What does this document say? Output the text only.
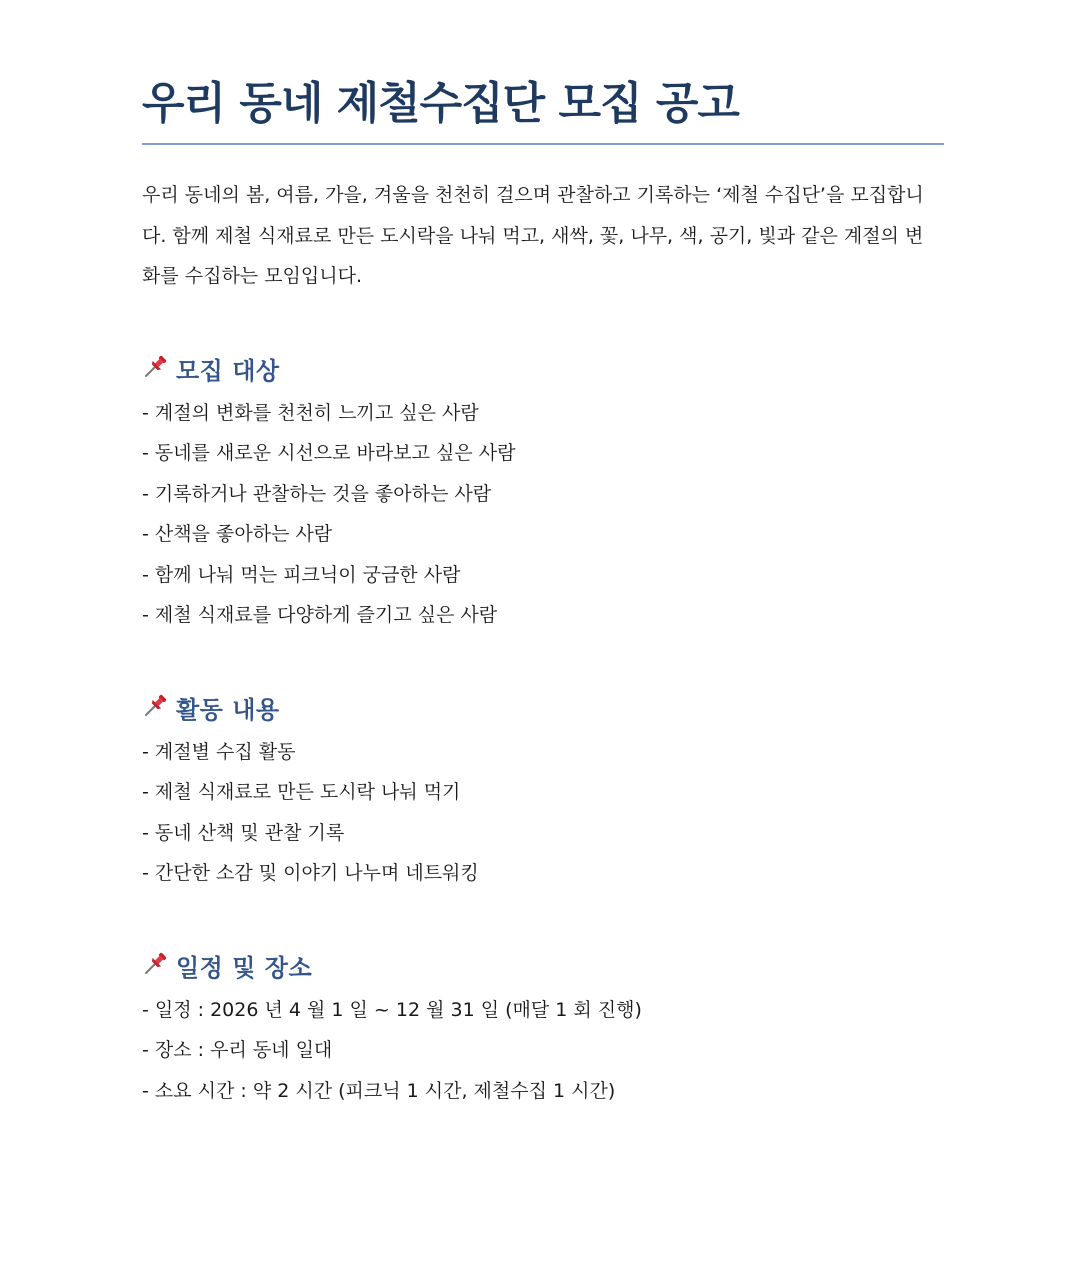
우리 동네 제철수집단 모집 공고

우리 동네의 봄, 여름, 가을, 겨울을 천천히 걸으며 관찰하고 기록하는 ‘제철 수집단’을 모집합니다. 함께 제철 식재료로 만든 도시락을 나눠 먹고, 새싹, 꽃, 나무, 색, 공기, 빛과 같은 계절의 변화를 수집하는 모임입니다.

모집 대상
- 계절의 변화를 천천히 느끼고 싶은 사람
- 동네를 새로운 시선으로 바라보고 싶은 사람
- 기록하거나 관찰하는 것을 좋아하는 사람
- 산책을 좋아하는 사람
- 함께 나눠 먹는 피크닉이 궁금한 사람
- 제철 식재료를 다양하게 즐기고 싶은 사람
활동 내용
- 계절별 수집 활동
- 제철 식재료로 만든 도시락 나눠 먹기
- 동네 산책 및 관찰 기록
- 간단한 소감 및 이야기 나누며 네트워킹
일정 및 장소
- 일정 : 2026 년 4 월 1 일 ~ 12 월 31 일 (매달 1 회 진행)
- 장소 : 우리 동네 일대
- 소요 시간 : 약 2 시간 (피크닉 1 시간, 제철수집 1 시간)
